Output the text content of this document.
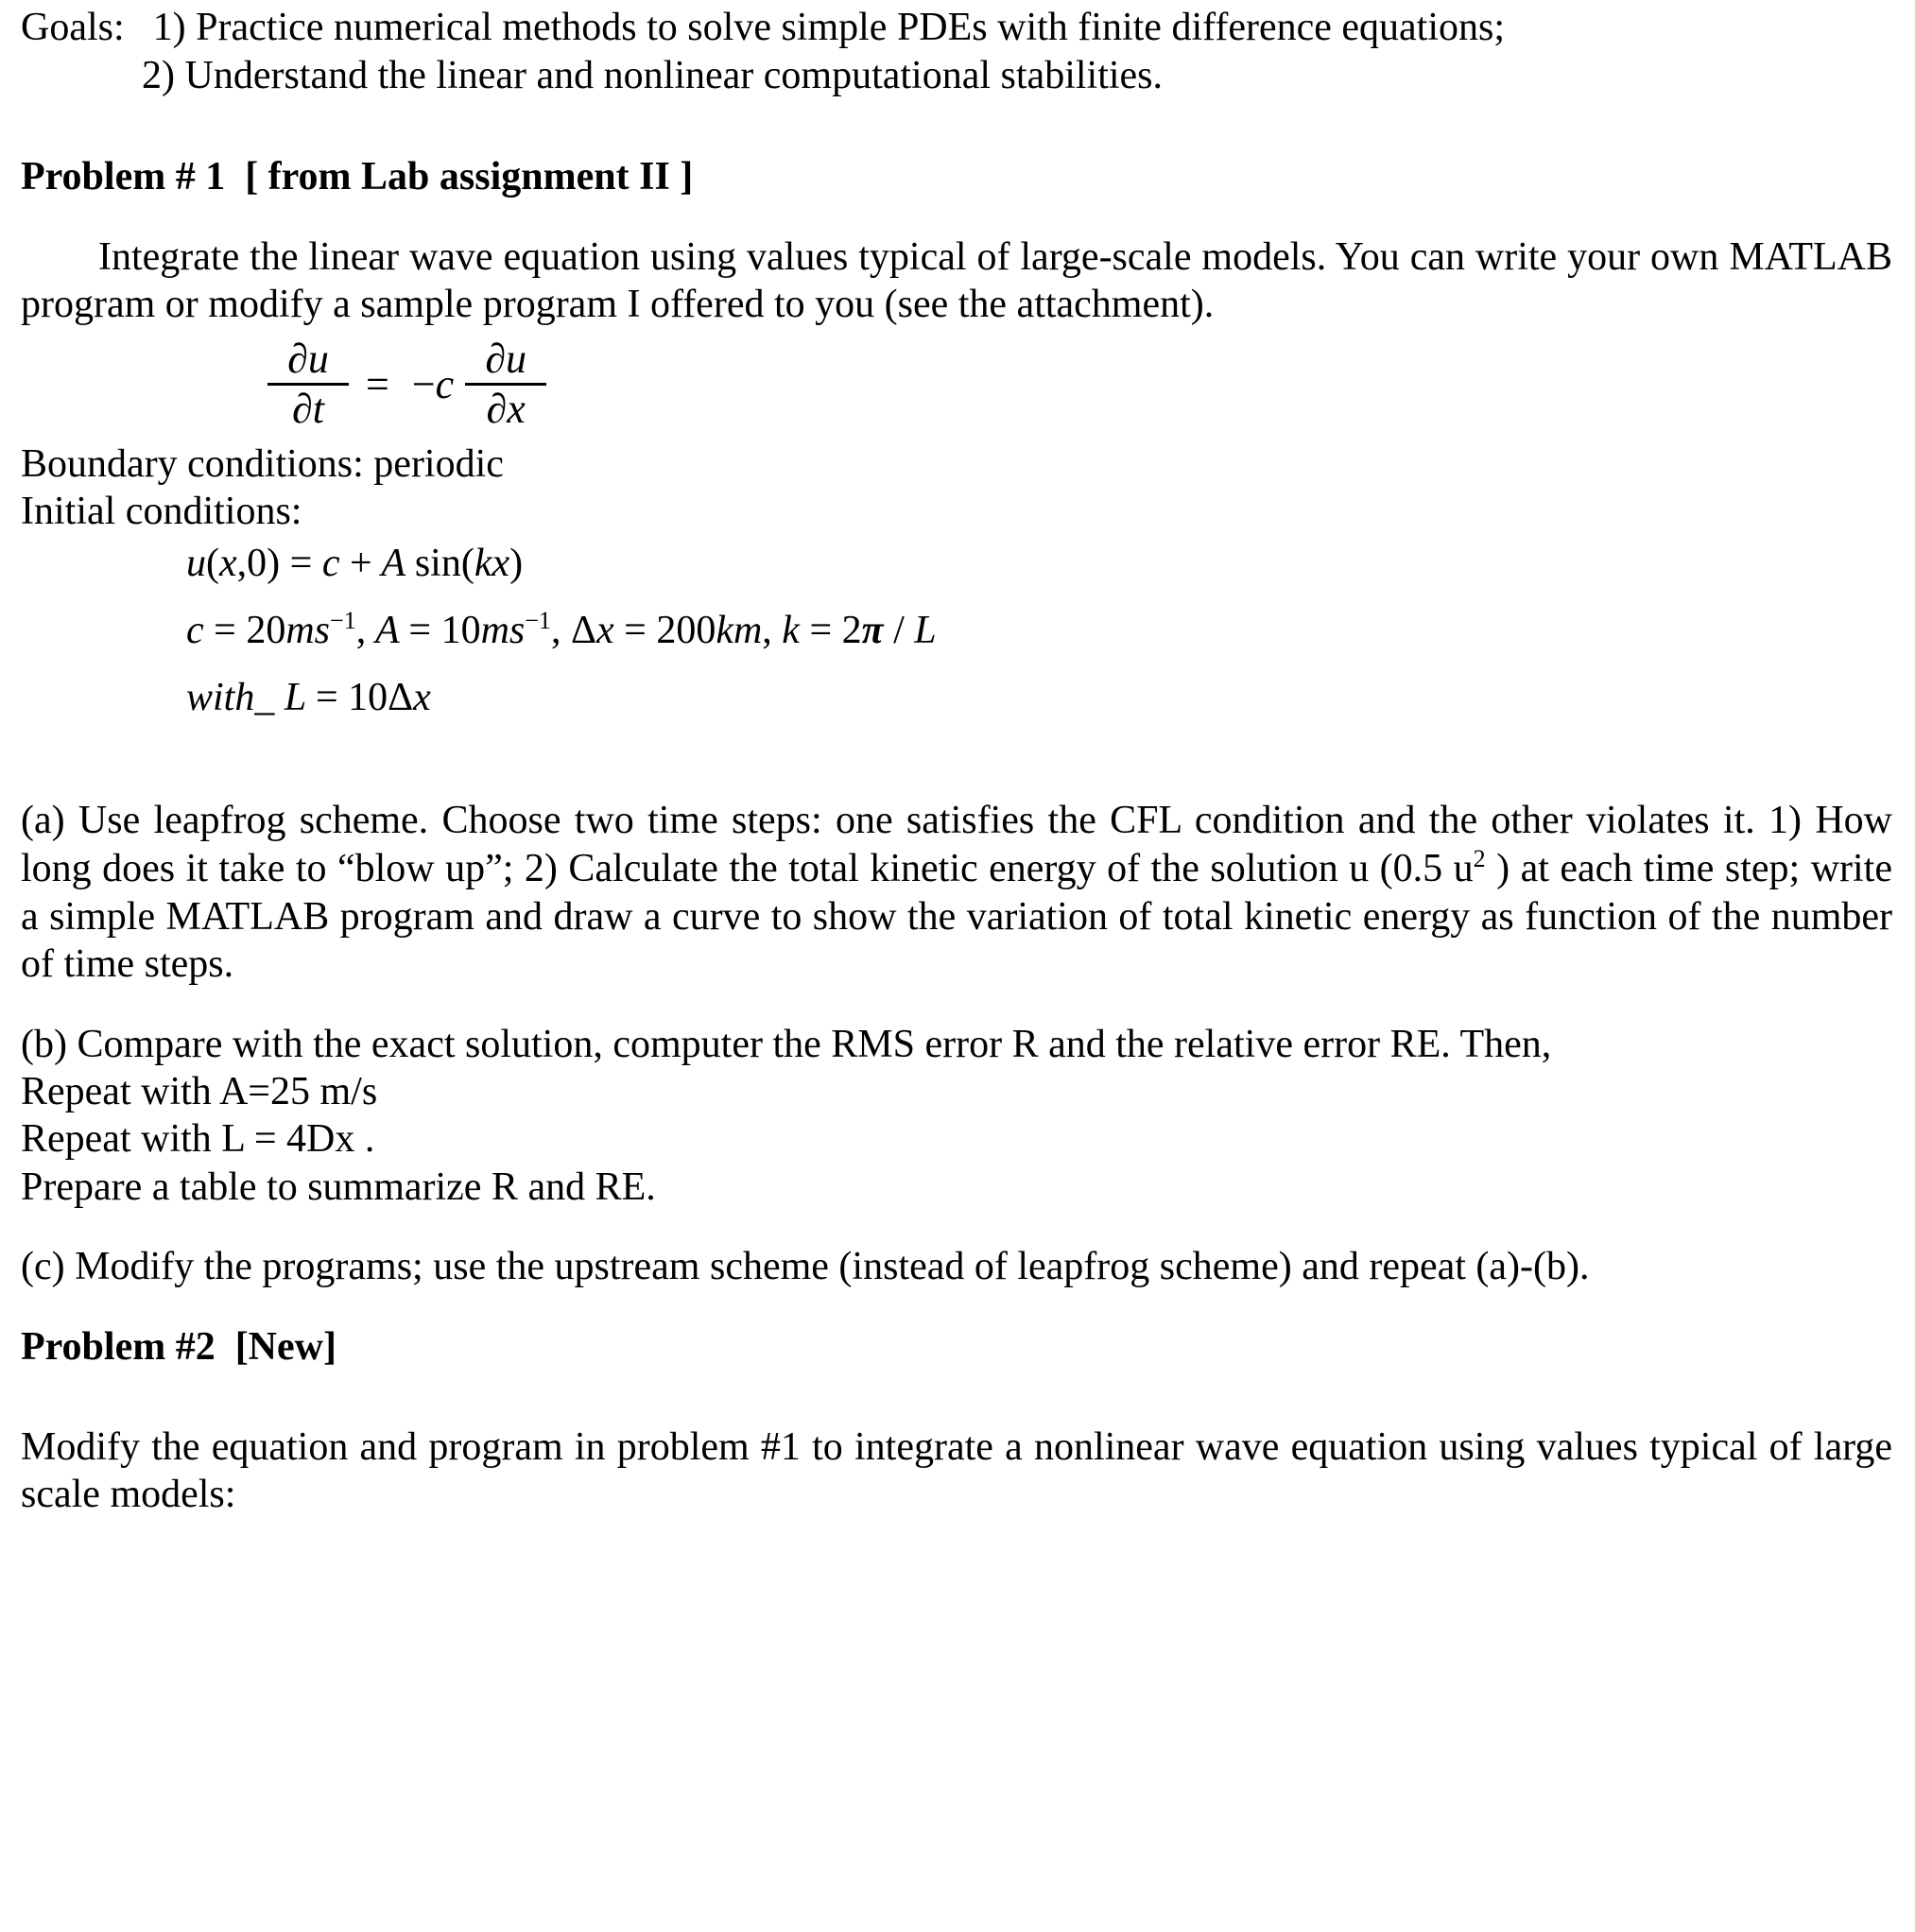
Goals: 1) Practice numerical methods to solve simple PDEs with finite difference equations;
2) Understand the linear and nonlinear computational stabilities.
Problem # 1  [ from Lab assignment II ]

Integrate the linear wave equation using values typical of large-scale models. You can write your own MATLAB program or modify a sample program I offered to you (see the attachment).

$\frac{\partial u}{\partial t}$ = − c $\frac{\partial u}{\partial x}$
Boundary conditions: periodic
Initial conditions:
u(x,0) = c + A sin(kx)
$c = 20ms^{-1}$, $A = 10ms^{-1}$, Δx = 200km, k = 2π / L
with_ L = 10Δx

(a) Use leapfrog scheme. Choose two time steps: one satisfies the CFL condition and the other violates it. 1) How long does it take to “blow up”; 2) Calculate the total kinetic energy of the solution u (0.5 $u^2$ ) at each time step; write a simple MATLAB program and draw a curve to show the variation of total kinetic energy as function of the number of time steps.

(b) Compare with the exact solution, computer the RMS error R and the relative error RE. Then,

Repeat with A=25 m/s

Repeat with L = 4Dx .

Prepare a table to summarize R and RE.

(c) Modify the programs; use the upstream scheme (instead of leapfrog scheme) and repeat (a)-(b).

Problem #2  [New]

Modify the equation and program in problem #1 to integrate a nonlinear wave equation using values typical of large scale models:
